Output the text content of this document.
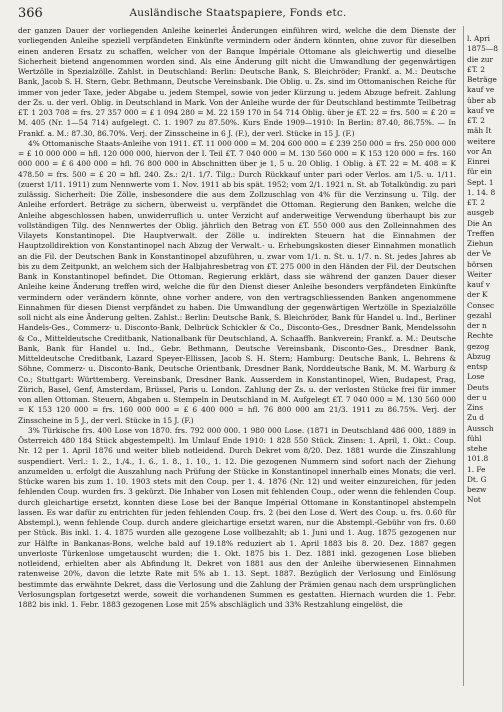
366	Ausländische Staatspapiere, Fonds etc.

der ganzen Dauer der vorliegenden Anleihe keinerlei Änderungen einführen wird, welche die dem Dienste der vorliegenden Anleihe speziell verpfändeten Einkünfte vermindern oder ändern könnten, ohne zuvor für dieselben einen anderen Ersatz zu schaffen, welcher von der Banque Impériale Ottomane als gleichwertig und dieselbe Sicherheit bietend angenommen worden sind. Als eine Änderung gilt nicht die Umwandlung der gegenwärtigen Wertzölle in Spezialzölle. Zahlst. in Deutschland: Berlin: Deutsche Bank, S. Bleichröder; Frankf. a. M.: Deutsche Bank, Jacob S. H. Stern, Gebr. Bethmann, Deutsche Vereinsbank. Die Oblig. u. Zs. sind im Ottomanischen Reiche für immer von jeder Taxe, jeder Abgabe u. jedem Stempel, sowie von jeder Kürzung u. jedem Abzuge befreit. Zahlung der Zs. u. der verl. Oblig. in Deutschland in Mark. Von der Anleihe wurde der für Deutschland bestimmte Teilbetrag £T. 1 203 708 = frs. 27 357 000 = £ 1 094 280 = M. 22 159 170 in 54 714 Oblig. über je £T. 22 = frs. 500 = £ 20 = M. 405 (Nr. 1—54 714) aufgelegt. C. 1. 1907 zu 87.50%. Kurs Ende 1909—1910: In Berlin: 87.40, 86.75%. — In Frankf. a. M.: 87.30, 86.70%. Verj. der Zinsscheine in 6 J. (F.), der verl. Stücke in 15 J. (F.)

4% Ottomanische Staats-Anleihe von 1911. £T. 11 000 000 = M. 204 600 000 = £ 239 250 000 = frs. 250 000 000 = £ 10 000 000 = hfl. 120 000 000, hiervon der I. Teil £T. 7 040 000 = M. 130 560 000 = K 153 120 000 = frs. 160 000 000 = £ 6 400 000 = hfl. 76 800 000 in Abschnitten über je 1, 5 u. 20 Oblig. 1 Oblig. à £T. 22 = M. 408 = K 478.50 = frs. 500 = £ 20 = hfl. 240. Zs.: 2/1. 1/7. Tilg.: Durch Rückkauf unter pari oder Verlos. am 1/5. u. 1/11. (zuerst 1/11. 1911) zum Nennwerte vom 1. Nov. 1911 ab bis spät. 1952; vom 2/1. 1921 n. St. ab Totalkündig. zu pari zulässig. Sicherheit: Die Zölle, insbesondere die aus dem Zollzuschlag von 4% für die Verzinsung u. Tilg. der Anleihe erfordert. Beträge zu sichern, überweist u. verpfändet die Ottoman. Regierung den Banken, welche die Anleihe abgeschlossen haben, unwiderruflich u. unter Verzicht auf anderweitige Verwendung überhaupt bis zur vollständigen Tilg. des Nennwertes der Oblig. jährlich den Betrag von £T. 550 000 aus den Zolleinnahmen des Vilayets Konstantinopel. Die Hauptverwalt. der Zölle u. indirekten Steuern hat die Einnahmen der Hauptzolldirektion von Konstantinopel nach Abzug der Verwalt.- u. Erhebungskosten dieser Einnahmen monatlich an die Fil. der Deutschen Bank in Konstantinopel abzuführen, u. zwar vom 1/1. n. St. u. 1/7. n. St. jedes Jahres ab bis zu dem Zeitpunkt, an welchem sich der Halbjahresbetrag von £T. 275 000 in den Händen der Fil. der Deutschen Bank in Konstantinopel befindet. Die Ottoman. Regierung erklärt, dass sie während der ganzen Dauer dieser Anleihe keine Änderung treffen wird, welche die für den Dienst dieser Anleihe besonders verpfändeten Einkünfte vermindern oder verändern könnte, ohne vorher andere, von den vertragschliessenden Banken angenommene Einnahmen für diesen Dienst verpfändet zu haben. Die Umwandlung der gegenwärtigen Wertzölle in Spezialzölle soll nicht als eine Änderung gelten. Zahlst.: Berlin: Deutsche Bank, S. Bleichröder, Bank für Handel u. Ind., Berliner Handels-Ges., Commerz- u. Disconto-Bank, Delbrück Schickler & Co., Disconto-Ges., Dresdner Bank, Mendelssohn & Co., Mitteldeutsche Creditbank, Nationalbank für Deutschland, A. Schaaffh. Bankverein; Frankf. a. M.: Deutsche Bank, Bank für Handel u. Ind., Gebr. Bethmann, Deutsche Vereinsbank, Disconto-Ges., Dresdner Bank, Mitteldeutsche Creditbank, Lazard Speyer-Ellissen, Jacob S. H. Stern; Hamburg: Deutsche Bank, L. Behrens & Söhne, Commerz- u. Disconto-Bank, Deutsche Orientbank, Dresdner Bank, Norddeutsche Bank, M. M. Warburg & Co.; Stuttgart: Württemberg. Vereinsbank, Dresdner Bank. Ausserdem in Konstantinopel, Wien, Budapest, Prag, Zürich, Basel, Genf, Amsterdam, Brüssel, Paris u. London. Zahlung der Zs. u. der verlosten Stücke frei für immer von allen Ottoman. Steuern, Abgaben u. Stempeln in Deutschland in M. Aufgelegt £T. 7 040 000 = M. 130 560 000 = K 153 120 000 = frs. 160 000 000 = £ 6 400 000 = hfl. 76 800 000 am 21/3. 1911 zu 86.75%. Verj. der Zinsscheine in 5 J., der verl. Stücke in 15 J. (F.)

3% Türkische frs. 400 Lose von 1870. frs. 792 000 000. 1 980 000 Lose. (1871 in Deutschland 486 000, 1889 in Österreich 480 184 Stück abgestempelt). Im Umlauf Ende 1910: 1 828 550 Stück. Zinsen: 1. April, 1. Okt.: Coup. Nr. 12 per 1. April 1876 und weiter blieb notleidend. Durch Dekret vom 8/20. Dez. 1881 wurde die Zinszahlung suspendiert. Verl.: 1. 2., 1./4., 1. 6., 1. 8., 1. 10., 1. 12. Die gezogenen Nummern sind sofort nach der Ziehung anzumelden u. erfolgt die Auszahlung nach Prüfung der Stücke in Konstantinopel innerhalb eines Monats; die verl. Stücke waren bis zum 1. 10. 1903 stets mit den Coup. per 1. 4. 1876 (Nr. 12) und weiter einzureichen, für jeden fehlenden Coup. wurden frs. 3 gekürzt. Die Inhaber von Losen mit fehlenden Coup., oder wenn die fehlenden Coup. durch gleichartige ersetzt, konnten diese Lose bei der Banque Impérial Ottomane in Konstantinopel abstempeln lassen. Es war dafür zu entrichten für jeden fehlenden Coup. frs. 2 (bei den Lose d. Wert des Coup. u. frs. 0.60 für Abstempl.), wenn fehlende Coup. durch andere gleichartige ersetzt waren, nur die Abstempl.-Gebühr von frs. 0.60 per Stück. Bis inkl. 1. 4. 1875 wurden alle gezogene Lose vollbezahlt; ab 1. Juni und 1. Aug. 1875 gezogenen nur zur Hälfte in Bankanas-Bons, welche bald auf 19.18% reduziert ab 1. April 1883 bis 8. 20. Dez. 1887 gegen unverloste Türkenlose umgetauscht wurden; die 1. Okt. 1875 bis 1. Dez. 1881 inkl. gezogenen Lose blieben notleidend, erhielten aber als Abfindung lt. Dekret von 1881 aus den der Anleihe überwiesenen Einnahmen ratenweise 20%, davon die letzte Rate mit 5% ab 1. 13. Sept. 1887. Bezüglich der Verlosung und Einlösung bestimmte das erwähnte Dekret, dass die Verlosung und die Zahlung der Prämien genau nach dem ursprünglichen Verlosungsplan fortgesetzt werde, soweit die vorhandenen Summen es gestatten. Hiernach wurden die 1. Febr. 1882 bis inkl. 1. Febr. 1883 gezogenen Lose mit 25% abschläglich und 33% Restzahlung eingelöst, die

l. Apri
1875—8
die zur
£T. 2
Beträge
kauf ve
über ab
kauf ve
£T. 2
mäh It
weitere
vor An
Einrei
für ein
Sept. 1
1. 14. 8
£T. 2
ausgeb
Die An
Treffen
Ziehun
der Ve
börsen
Weiter
kauf v
der K
Consec
gezahl
der n
Rechte
gezog
Abzug
entsp
Lose
Deuts
der u
Zins
Zu d
Aussch
fühl
stehe
101.8
1. Fe
Dt. G
bezw
Not
